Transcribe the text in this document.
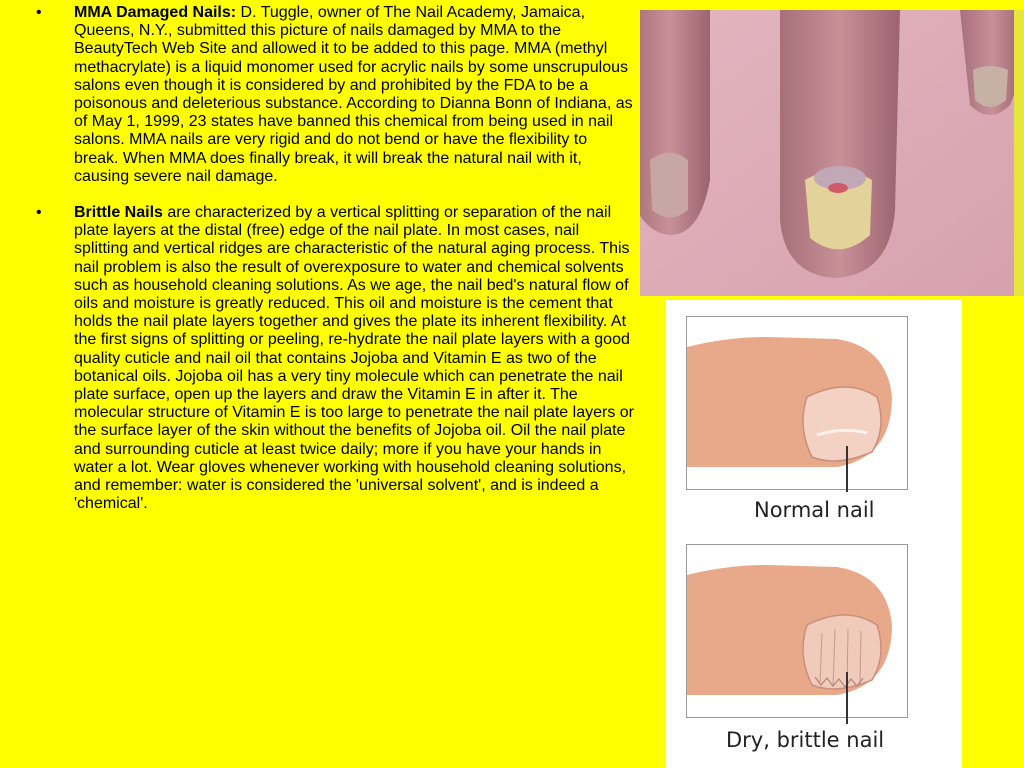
• MMA Damaged Nails: D. Tuggle, owner of The Nail Academy, Jamaica, Queens, N.Y., submitted this picture of nails damaged by MMA to the BeautyTech Web Site and allowed it to be added to this page. MMA (methyl methacrylate) is a liquid monomer used for acrylic nails by some unscrupulous salons even though it is considered by and prohibited by the FDA to be a poisonous and deleterious substance. According to Dianna Bonn of Indiana, as of May 1, 1999, 23 states have banned this chemical from being used in nail salons. MMA nails are very rigid and do not bend or have the flexibility to break. When MMA does finally break, it will break the natural nail with it, causing severe nail damage.
• Brittle Nails are characterized by a vertical splitting or separation of the nail plate layers at the distal (free) edge of the nail plate. In most cases, nail splitting and vertical ridges are characteristic of the natural aging process. This nail problem is also the result of overexposure to water and chemical solvents such as household cleaning solutions. As we age, the nail bed's natural flow of oils and moisture is greatly reduced. This oil and moisture is the cement that holds the nail plate layers together and gives the plate its inherent flexibility. At the first signs of splitting or peeling, re-hydrate the nail plate layers with a good quality cuticle and nail oil that contains Jojoba and Vitamin E as two of the botanical oils. Jojoba oil has a very tiny molecule which can penetrate the nail plate surface, open up the layers and draw the Vitamin E in after it. The molecular structure of Vitamin E is too large to penetrate the nail plate layers or the surface layer of the skin without the benefits of Jojoba oil. Oil the nail plate and surrounding cuticle at least twice daily; more if you have your hands in water a lot. Wear gloves whenever working with household cleaning solutions, and remember: water is considered the 'universal solvent', and is indeed a 'chemical'.	Normal nail
Dry, brittle nail
